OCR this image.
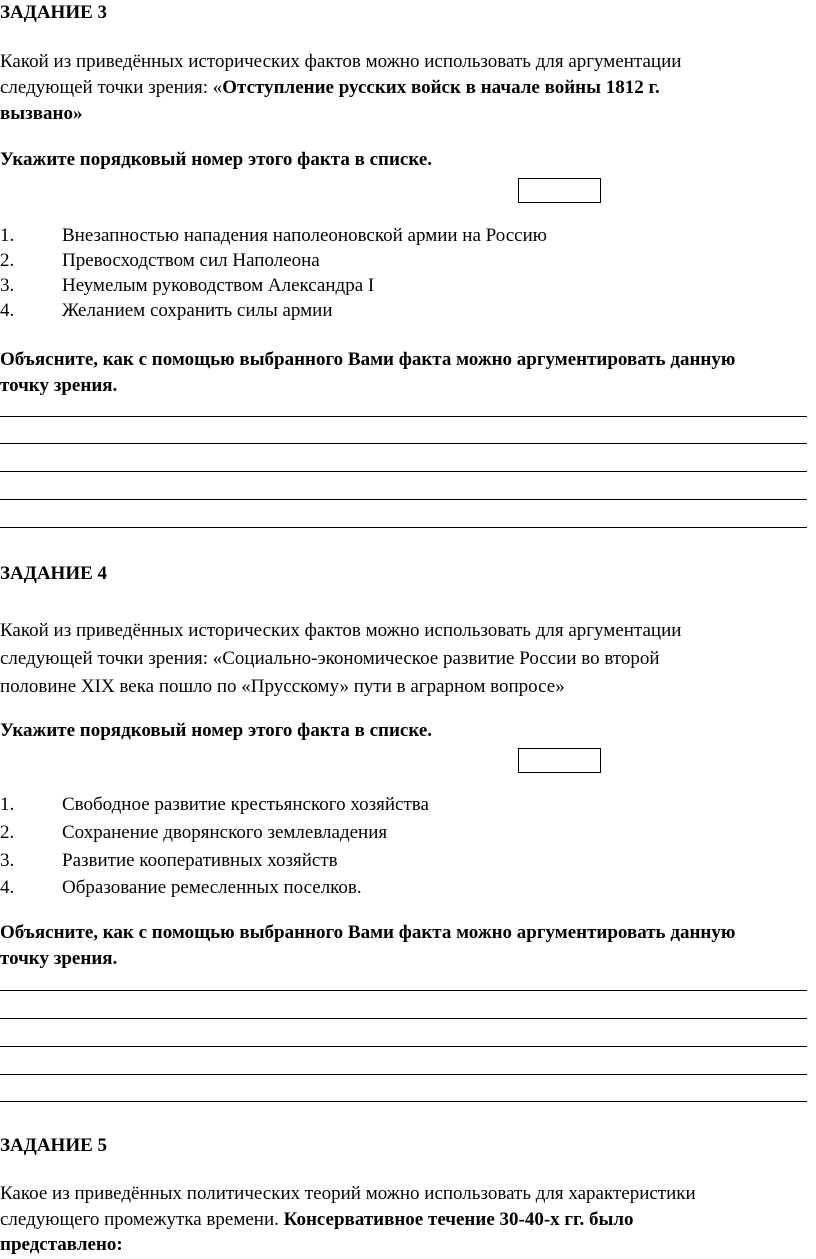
ЗАДАНИЕ 3
Какой из приведённых исторических фактов можно использовать для аргументации
следующей точки зрения: «Отступление русских войск в начале войны 1812 г.
вызвано»
Укажите порядковый номер этого факта в списке.
1.	Внезапностью нападения наполеоновской армии на Россию
2.	Превосходством сил Наполеона
3.	Неумелым руководством Александра I
4.	Желанием сохранить силы армии
Объясните, как с помощью выбранного Вами факта можно аргументировать данную
точку зрения.
ЗАДАНИЕ 4
Какой из приведённых исторических фактов можно использовать для аргументации
следующей точки зрения: «Социально-экономическое развитие России во второй
половине XIX века пошло по «Прусскому» пути в аграрном вопросе»
Укажите порядковый номер этого факта в списке.
1.	Свободное развитие крестьянского хозяйства
2.	Сохранение дворянского землевладения
3.	Развитие кооперативных хозяйств
4.	Образование ремесленных поселков.
Объясните, как с помощью выбранного Вами факта можно аргументировать данную
точку зрения.
ЗАДАНИЕ 5
Какое из приведённых политических теорий можно использовать для характеристики
следующего промежутка времени. Консервативное течение 30-40-х гг. было
представлено:
